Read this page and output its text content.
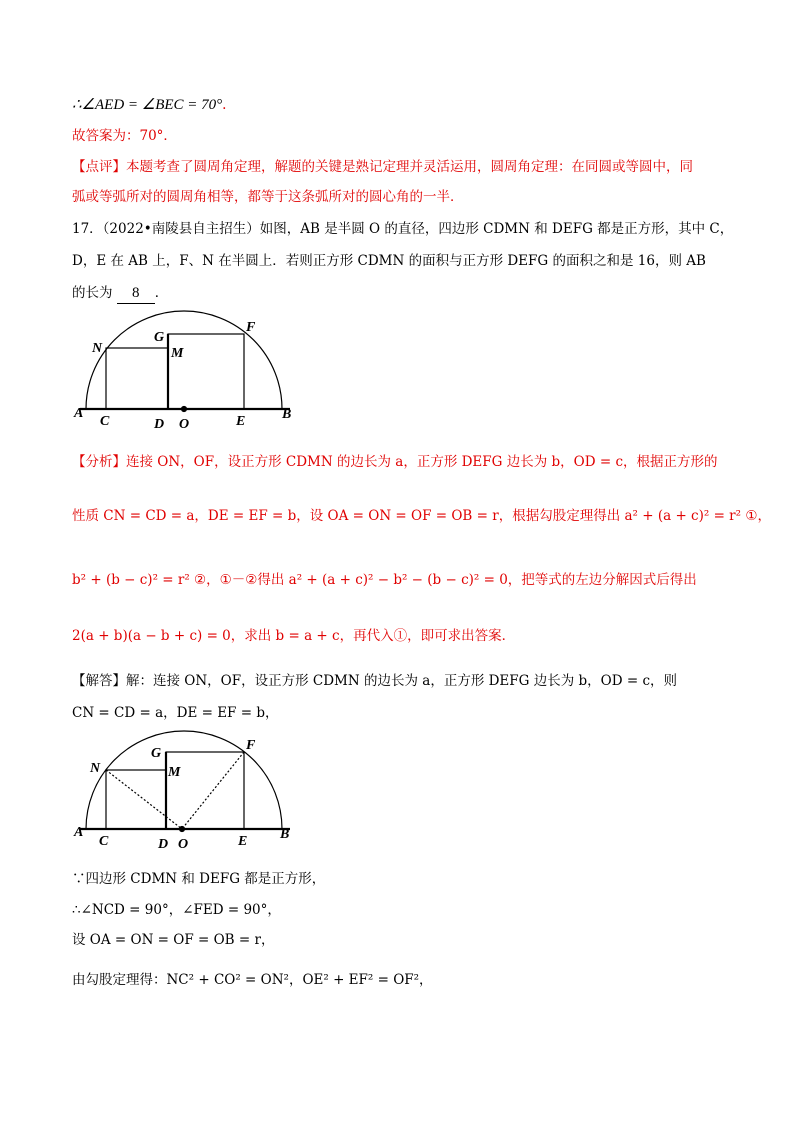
∴∠AED = ∠BEC = 70°.
故答案为：70°．
【点评】本题考查了圆周角定理，解题的关键是熟记定理并灵活运用，圆周角定理：在同圆或等圆中，同
弧或等弧所对的圆周角相等，都等于这条弧所对的圆心角的一半．
17．（2022•南陵县自主招生）如图，AB 是半圆 O 的直径，四边形 CDMN 和 DEFG 都是正方形，其中 C，
D，E 在 AB 上，F、N 在半圆上．若则正方形 CDMN 的面积与正方形 DEFG 的面积之和是 16，则 AB
的长为 8 ．
N
G
M
F
A
C	D O	E	B
【分析】连接 ON，OF，设正方形 CDMN 的边长为 a，正方形 DEFG 边长为 b，OD = c，根据正方形的
性质 CN = CD = a，DE = EF = b，设 OA = ON = OF = OB = r，根据勾股定理得出 a² + (a + c)² = r² ①，
b² + (b − c)² = r² ②，①－②得出 a² + (a + c)² − b² − (b − c)² = 0，把等式的左边分解因式后得出
2(a + b)(a − b + c) = 0，求出 b = a + c，再代入①，即可求出答案．
【解答】解：连接 ON，OF，设正方形 CDMN 的边长为 a，正方形 DEFG 边长为 b，OD = c，则
CN = CD = a，DE = EF = b，
N
G
M
F
A
C	D O	E B
∵四边形 CDMN 和 DEFG 都是正方形，
∴∠NCD = 90°，∠FED = 90°，
设 OA = ON = OF = OB = r，
由勾股定理得：NC² + CO² = ON²，OE² + EF² = OF²，
